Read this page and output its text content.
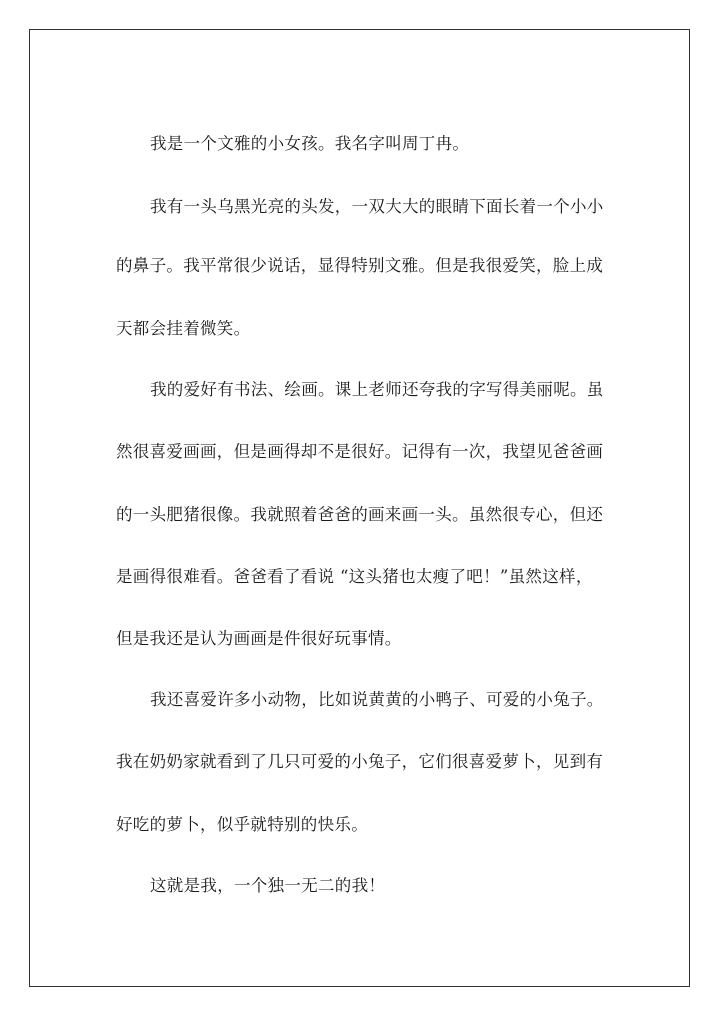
我是一个文雅的小女孩。我名字叫周丁冉。
我有一头乌黑光亮的头发，一双大大的眼睛下面长着一个小小
的鼻子。我平常很少说话，显得特别文雅。但是我很爱笑，脸上成
天都会挂着微笑。
我的爱好有书法、绘画。课上老师还夸我的字写得美丽呢。虽
然很喜爱画画，但是画得却不是很好。记得有一次，我望见爸爸画
的一头肥猪很像。我就照着爸爸的画来画一头。虽然很专心，但还
是画得很难看。爸爸看了看说 “这头猪也太瘦了吧！”虽然这样，
但是我还是认为画画是件很好玩事情。
我还喜爱许多小动物，比如说黄黄的小鸭子、可爱的小兔子。
我在奶奶家就看到了几只可爱的小兔子，它们很喜爱萝卜，见到有
好吃的萝卜，似乎就特别的快乐。
这就是我，一个独一无二的我！
